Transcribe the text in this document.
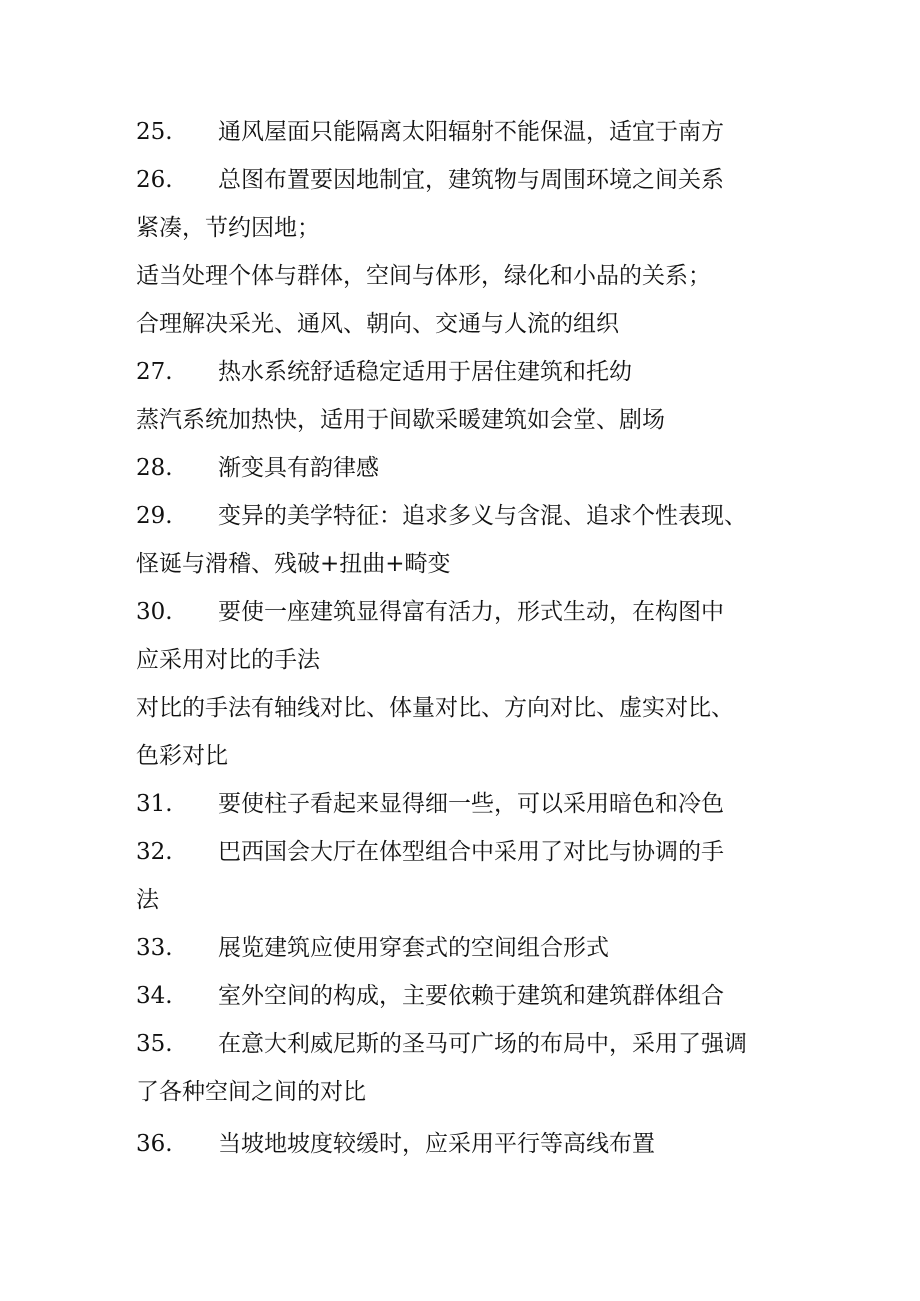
25.	通风屋面只能隔离太阳辐射不能保温，适宜于南方
26.	总图布置要因地制宜，建筑物与周围环境之间关系
紧凑，节约因地；
适当处理个体与群体，空间与体形，绿化和小品的关系；
合理解决采光、通风、朝向、交通与人流的组织
27.	热水系统舒适稳定适用于居住建筑和托幼
蒸汽系统加热快，适用于间歇采暖建筑如会堂、剧场
28.	渐变具有韵律感
29.	变异的美学特征：追求多义与含混、追求个性表现、
怪诞与滑稽、残破+扭曲+畸变
30.	要使一座建筑显得富有活力，形式生动，在构图中
应采用对比的手法
对比的手法有轴线对比、体量对比、方向对比、虚实对比、
色彩对比
31.	要使柱子看起来显得细一些，可以采用暗色和冷色
32.	巴西国会大厅在体型组合中采用了对比与协调的手
法
33.	展览建筑应使用穿套式的空间组合形式
34.	室外空间的构成，主要依赖于建筑和建筑群体组合
35.	在意大利威尼斯的圣马可广场的布局中，采用了强调
了各种空间之间的对比
36.	当坡地坡度较缓时，应采用平行等高线布置
